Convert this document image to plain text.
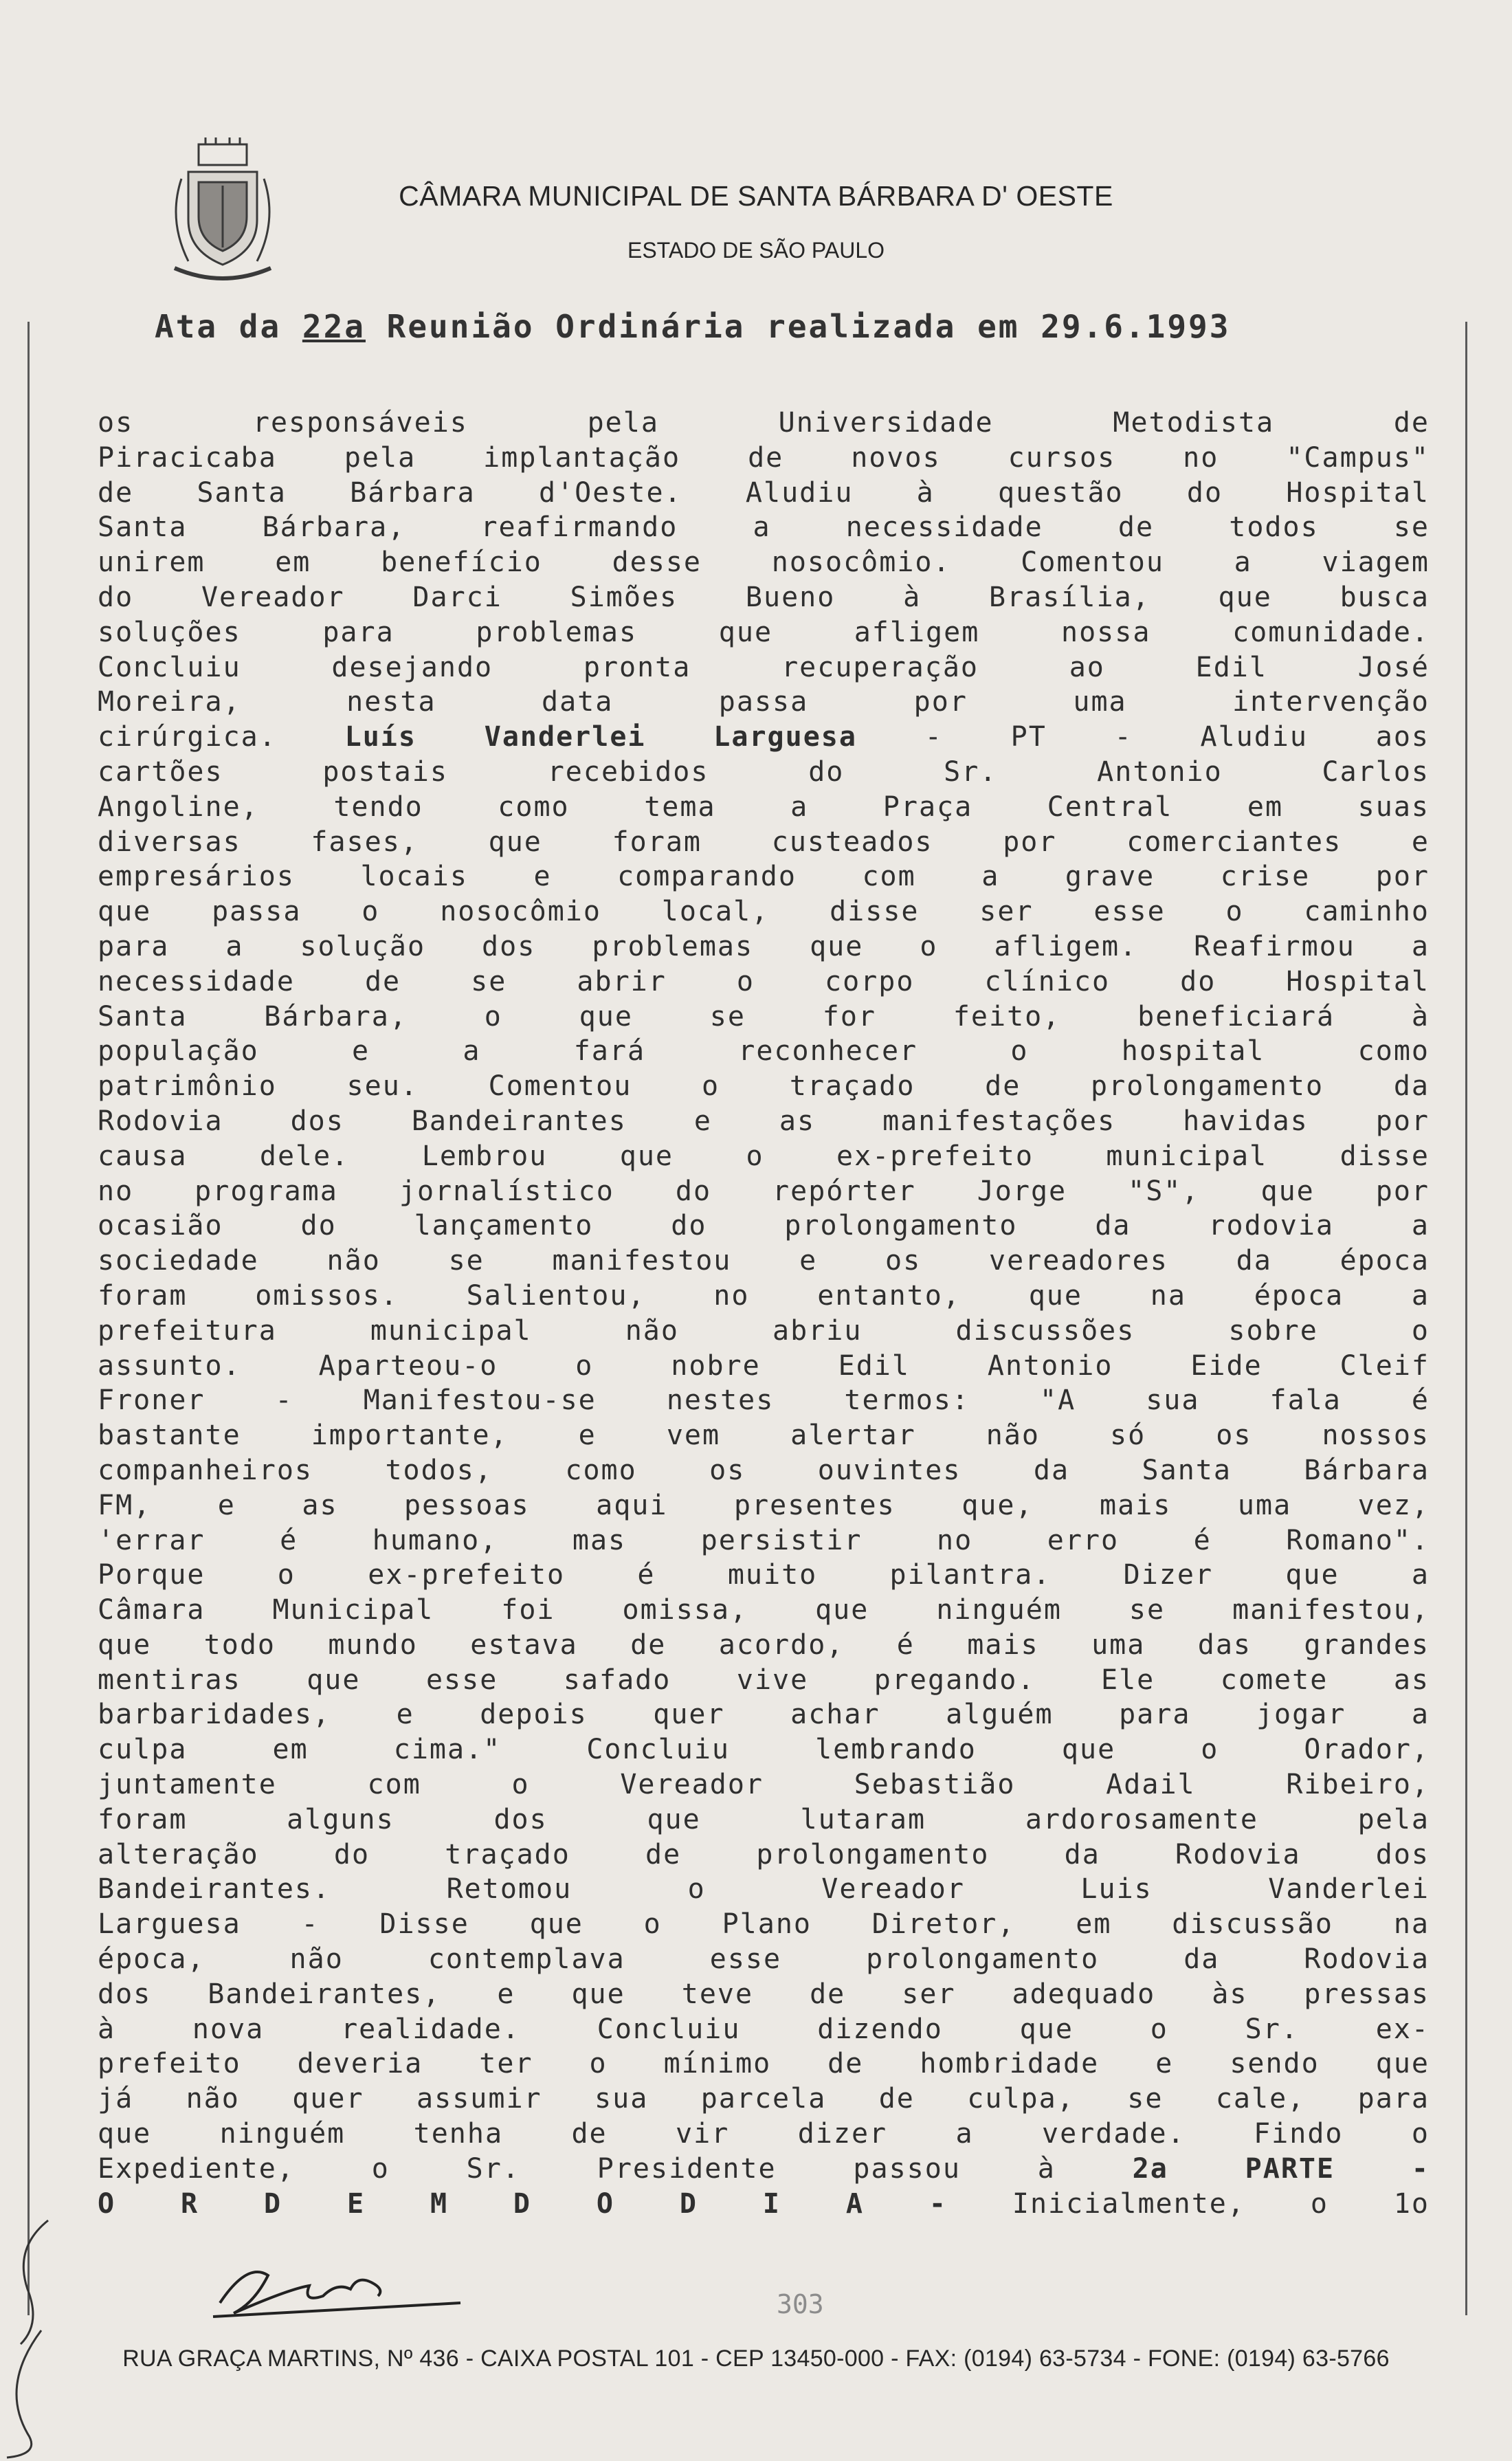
CÂMARA MUNICIPAL DE SANTA BÁRBARA D' OESTE
ESTADO DE SÃO PAULO
Ata da 22a Reunião Ordinária realizada em 29.6.1993
os responsáveis pela Universidade Metodista de
Piracicaba pela implantação de novos cursos no "Campus"
de Santa Bárbara d'Oeste. Aludiu à questão do Hospital
Santa Bárbara, reafirmando a necessidade de todos se
unirem em benefício desse nosocômio. Comentou a viagem
do Vereador Darci Simões Bueno à Brasília, que busca
soluções para problemas que afligem nossa comunidade.
Concluiu desejando pronta recuperação ao Edil José
Moreira, nesta data passa por uma intervenção
cirúrgica. Luís Vanderlei Larguesa - PT - Aludiu aos
cartões postais recebidos do Sr. Antonio Carlos
Angoline, tendo como tema a Praça Central em suas
diversas fases, que foram custeados por comerciantes e
empresários locais e comparando com a grave crise por
que passa o nosocômio local, disse ser esse o caminho
para a solução dos problemas que o afligem. Reafirmou a
necessidade de se abrir o corpo clínico do Hospital
Santa Bárbara, o que se for feito, beneficiará à
população e a fará reconhecer o hospital como
patrimônio seu. Comentou o traçado de prolongamento da
Rodovia dos Bandeirantes e as manifestações havidas por
causa dele. Lembrou que o ex-prefeito municipal disse
no programa jornalístico do repórter Jorge "S", que por
ocasião do lançamento do prolongamento da rodovia a
sociedade não se manifestou e os vereadores da época
foram omissos. Salientou, no entanto, que na época a
prefeitura municipal não abriu discussões sobre o
assunto. Aparteou-o o nobre Edil Antonio Eide Cleif
Froner - Manifestou-se nestes termos: "A sua fala é
bastante importante, e vem alertar não só os nossos
companheiros todos, como os ouvintes da Santa Bárbara
FM, e as pessoas aqui presentes que, mais uma vez,
'errar é humano, mas persistir no erro é Romano".
Porque o ex-prefeito é muito pilantra. Dizer que a
Câmara Municipal foi omissa, que ninguém se manifestou,
que todo mundo estava de acordo, é mais uma das grandes
mentiras que esse safado vive pregando. Ele comete as
barbaridades, e depois quer achar alguém para jogar a
culpa em cima." Concluiu lembrando que o Orador,
juntamente com o Vereador Sebastião Adail Ribeiro,
foram alguns dos que lutaram ardorosamente pela
alteração do traçado de prolongamento da Rodovia dos
Bandeirantes. Retomou o Vereador Luis Vanderlei
Larguesa - Disse que o Plano Diretor, em discussão na
época, não contemplava esse prolongamento da Rodovia
dos Bandeirantes, e que teve de ser adequado às pressas
à nova realidade. Concluiu dizendo que o Sr. ex-
prefeito deveria ter o mínimo de hombridade e sendo que
já não quer assumir sua parcela de culpa, se cale, para
que ninguém tenha de vir dizer a verdade. Findo o
Expediente, o Sr. Presidente passou à 2a PARTE -
O R D E M D O D I A - Inicialmente, o 1o
303
RUA GRAÇA MARTINS, Nº 436 - CAIXA POSTAL 101 - CEP 13450-000 - FAX: (0194) 63-5734 - FONE: (0194) 63-5766
